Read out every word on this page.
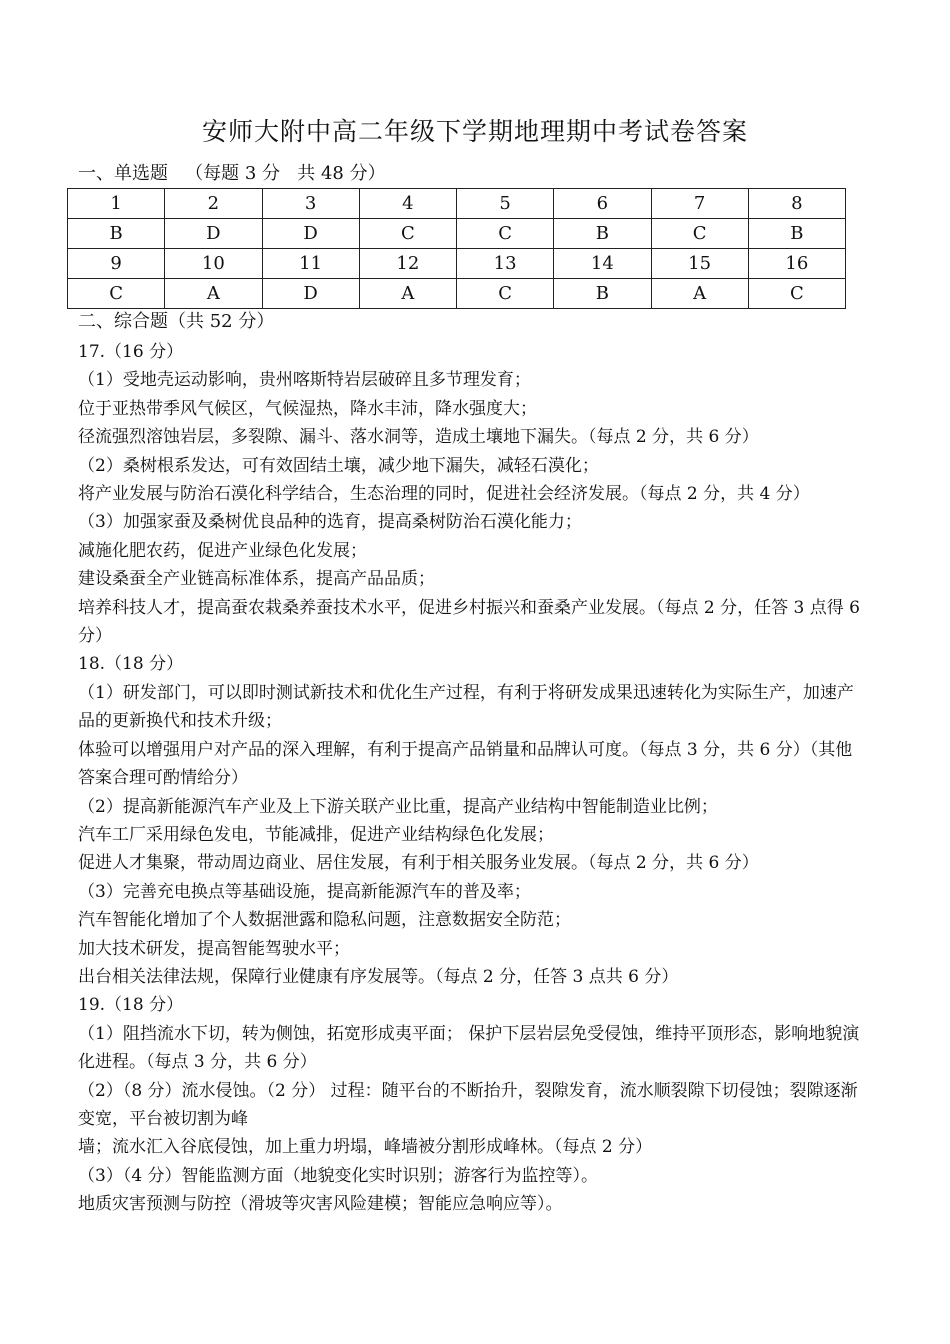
安师大附中高二年级下学期地理期中考试卷答案
一、单选题   （每题 3 分   共 48 分）
1	2	3	4	5	6	7	8
B	D	D	C	C	B	C	B
9	10	11	12	13	14	15	16
C	A	D	A	C	B	A	C
二、综合题（共 52 分）

17.（16 分）

（1）受地壳运动影响，贵州喀斯特岩层破碎且多节理发育；

位于亚热带季风气候区，气候湿热，降水丰沛，降水强度大；

径流强烈溶蚀岩层，多裂隙、漏斗、落水洞等，造成土壤地下漏失。（每点 2 分，共 6 分）

（2）桑树根系发达，可有效固结土壤，减少地下漏失，减轻石漠化；

将产业发展与防治石漠化科学结合，生态治理的同时，促进社会经济发展。（每点 2 分，共 4 分）

（3）加强家蚕及桑树优良品种的选育，提高桑树防治石漠化能力；

减施化肥农药，促进产业绿色化发展；

建设桑蚕全产业链高标准体系，提高产品品质；

培养科技人才，提高蚕农栽桑养蚕技术水平，促进乡村振兴和蚕桑产业发展。（每点 2 分，任答 3 点得 6 分）

18.（18 分）

（1）研发部门，可以即时测试新技术和优化生产过程，有利于将研发成果迅速转化为实际生产，加速产品的更新换代和技术升级；

体验可以增强用户对产品的深入理解，有利于提高产品销量和品牌认可度。（每点 3 分，共 6 分）（其他答案合理可酌情给分）

（2）提高新能源汽车产业及上下游关联产业比重，提高产业结构中智能制造业比例；

汽车工厂采用绿色发电，节能减排，促进产业结构绿色化发展；

促进人才集聚，带动周边商业、居住发展，有利于相关服务业发展。（每点 2 分，共 6 分）

（3）完善充电换点等基础设施，提高新能源汽车的普及率；

汽车智能化增加了个人数据泄露和隐私问题，注意数据安全防范；

加大技术研发，提高智能驾驶水平；

出台相关法律法规，保障行业健康有序发展等。（每点 2 分，任答 3 点共 6 分）

19.（18 分）

（1）阻挡流水下切，转为侧蚀，拓宽形成夷平面； 保护下层岩层免受侵蚀，维持平顶形态，影响地貌演化进程。（每点 3 分，共 6 分）

（2）（8 分）流水侵蚀。（2 分） 过程：随平台的不断抬升，裂隙发育，流水顺裂隙下切侵蚀；裂隙逐渐变宽，平台被切割为峰

墙；流水汇入谷底侵蚀，加上重力坍塌，峰墙被分割形成峰林。（每点 2 分）

（3）（4 分）智能监测方面（地貌变化实时识别；游客行为监控等）。

地质灾害预测与防控（滑坡等灾害风险建模；智能应急响应等）。
